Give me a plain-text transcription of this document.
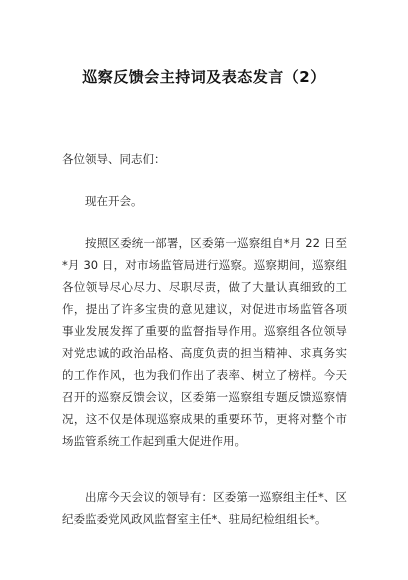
巡察反馈会主持词及表态发言（2）
各位领导、同志们：
现在开会。
按照区委统一部署，区委第一巡察组自*月 22 日至*月 30 日，对市场监管局进行巡察。巡察期间，巡察组各位领导尽心尽力、尽职尽责，做了大量认真细致的工作，提出了许多宝贵的意见建议，对促进市场监管各项事业发展发挥了重要的监督指导作用。巡察组各位领导对党忠诚的政治品格、高度负责的担当精神、求真务实的工作作风，也为我们作出了表率、树立了榜样。今天召开的巡察反馈会议，区委第一巡察组专题反馈巡察情况，这不仅是体现巡察成果的重要环节，更将对整个市场监管系统工作起到重大促进作用。
出席今天会议的领导有：区委第一巡察组主任*、区纪委监委党风政风监督室主任*、驻局纪检组组长*。
